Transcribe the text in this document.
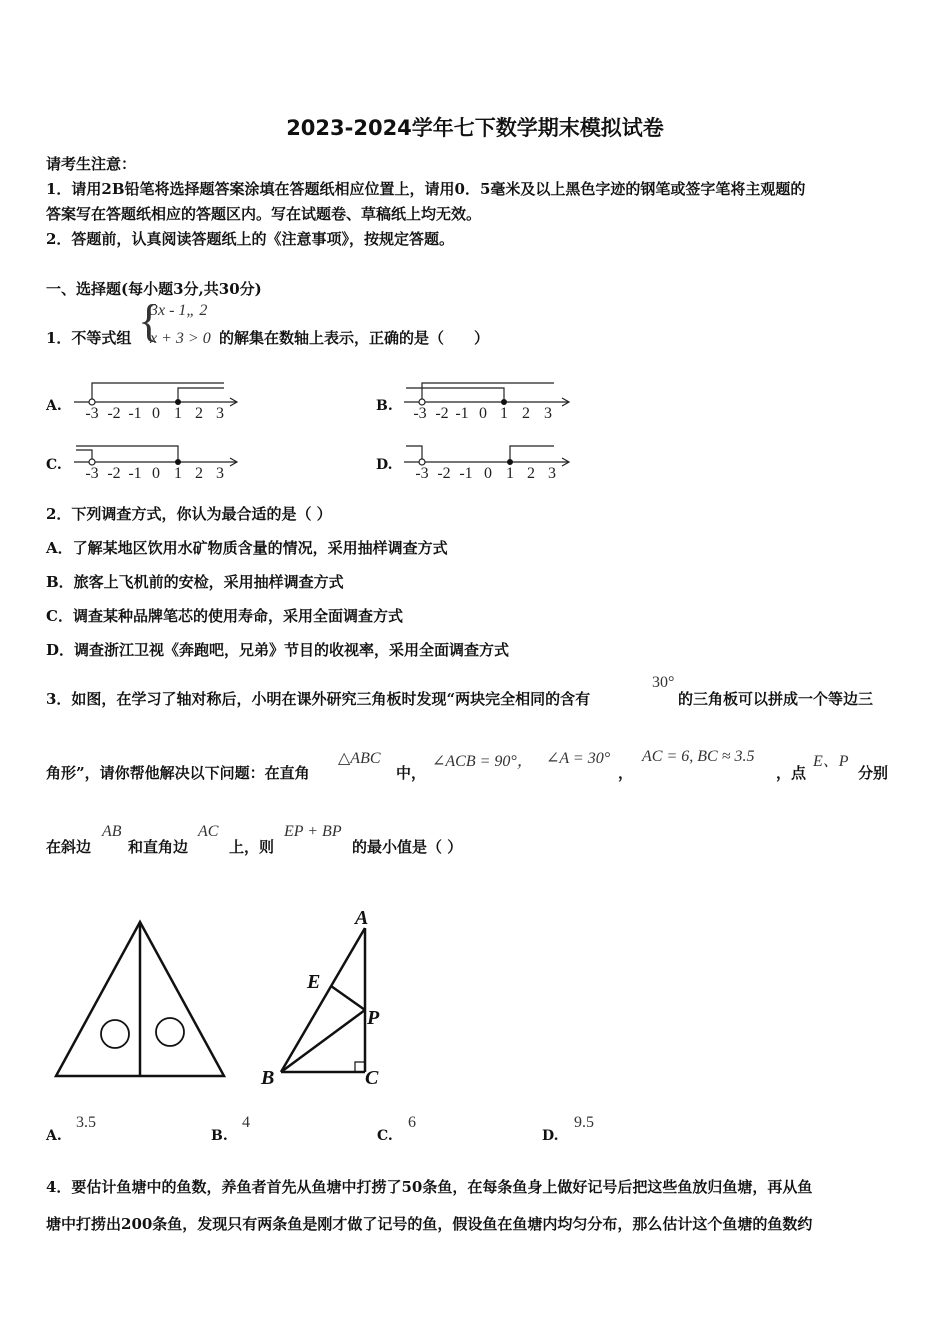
2023-2024学年七下数学期末模拟试卷
请考生注意：
1．请用2B铅笔将选择题答案涂填在答题纸相应位置上，请用0．5毫米及以上黑色字迹的钢笔或签字笔将主观题的
答案写在答题纸相应的答题区内。写在试题卷、草稿纸上均无效。
2．答题前，认真阅读答题纸上的《注意事项》，按规定答题。
一、选择题(每小题3分,共30分)
1．不等式组 {
3x - 1„ 2
x + 3 > 0 的解集在数轴上表示，正确的是（　　）
A.	B.
C.	D.
-3 -2 -1 0 1 2 3	-3 -2 -1 0 1 2 3
-3 -2 -1 0 1 2 3	-3 -2 -1 0 1 2 3
2．下列调查方式，你认为最合适的是（ ）
A．了解某地区饮用水矿物质含量的情况，采用抽样调查方式
B．旅客上飞机前的安检，采用抽样调查方式
C．调查某种品牌笔芯的使用寿命，采用全面调查方式
D．调查浙江卫视《奔跑吧，兄弟》节目的收视率，采用全面调查方式
3．如图，在学习了轴对称后，小明在课外研究三角板时发现“两块完全相同的含有
30°
的三角板可以拼成一个等边三
角形”，请你帮他解决以下问题：在直角
△ABC
中，
∠ACB = 90°， ∠A = 30°
，
AC = 6, BC ≈ 3.5
，点
E、P
分别
在斜边
AB
和直角边
AC
上，则
EP + BP
的最小值是（ ）
A
E
P
B	C
A.
3.5
B.
4
C.
6
D.
9.5
4．要估计鱼塘中的鱼数，养鱼者首先从鱼塘中打捞了50条鱼，在每条鱼身上做好记号后把这些鱼放归鱼塘，再从鱼
塘中打捞出200条鱼，发现只有两条鱼是刚才做了记号的鱼，假设鱼在鱼塘内均匀分布，那么估计这个鱼塘的鱼数约
